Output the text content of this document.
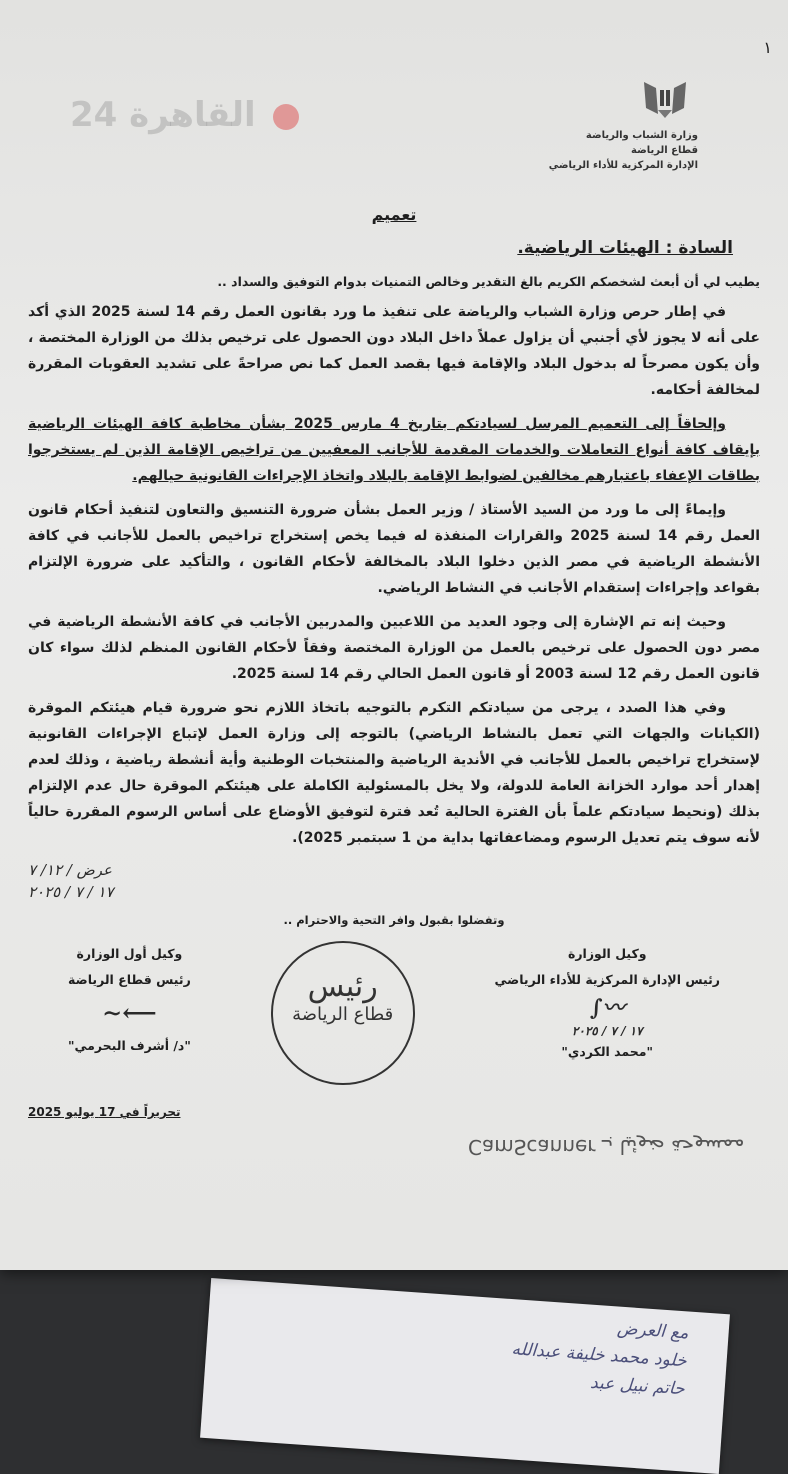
مع العرض
خلود محمد خليفة عبدالله
حاتم نبيل عبد
١
وزارة الشباب والرياضة
قطاع الرياضة
الإدارة المركزية للأداء الرياضي
القاهرة 24
تعميم
السادة : الهيئات الرياضية.
يطيب لي أن أبعث لشخصكم الكريم بالغ التقدير وخالص التمنيات بدوام التوفيق والسداد ..
في إطار حرص وزارة الشباب والرياضة على تنفيذ ما ورد بقانون العمل رقم 14 لسنة 2025 الذي أكد على أنه لا يجوز لأي أجنبي أن يزاول عملاً داخل البلاد دون الحصول على ترخيص بذلك من الوزارة المختصة ، وأن يكون مصرحاً له بدخول البلاد والإقامة فيها بقصد العمل كما نص صراحةً على تشديد العقوبات المقررة لمخالفة أحكامه.
وإلحاقاً إلى التعميم المرسل لسيادتكم بتاريخ 4 مارس 2025 بشأن مخاطبة كافة الهيئات الرياضية بإيقاف كافة أنواع التعاملات والخدمات المقدمة للأجانب المعفيين من تراخيص الإقامة الذين لم يستخرجوا بطاقات الإعفاء باعتبارهم مخالفين لضوابط الإقامة بالبلاد واتخاذ الإجراءات القانونية حيالهم.
وإيماءً إلى ما ورد من السيد الأستاذ / وزير العمل بشأن ضرورة التنسيق والتعاون لتنفيذ أحكام قانون العمل رقم 14 لسنة 2025 والقرارات المنفذة له فيما يخص إستخراج تراخيص بالعمل للأجانب في كافة الأنشطة الرياضية في مصر الذين دخلوا البلاد بالمخالفة لأحكام القانون ، والتأكيد على ضرورة الإلتزام بقواعد وإجراءات إستقدام الأجانب في النشاط الرياضي.
وحيث إنه تم الإشارة إلى وجود العديد من اللاعبين والمدربين الأجانب في كافة الأنشطة الرياضية في مصر دون الحصول على ترخيص بالعمل من الوزارة المختصة وفقاً لأحكام القانون المنظم لذلك سواء كان قانون العمل رقم 12 لسنة 2003 أو قانون العمل الحالي رقم 14 لسنة 2025.
وفي هذا الصدد ، يرجى من سيادتكم التكرم بالتوجيه باتخاذ اللازم نحو ضرورة قيام هيئتكم الموقرة (الكيانات والجهات التي تعمل بالنشاط الرياضي) بالتوجه إلى وزارة العمل لإتباع الإجراءات القانونية لإستخراج تراخيص بالعمل للأجانب في الأندية الرياضية والمنتخبات الوطنية وأية أنشطة رياضية ، وذلك لعدم إهدار أحد موارد الخزانة العامة للدولة، ولا يخل بالمسئولية الكاملة على هيئتكم الموقرة حال عدم الإلتزام بذلك (ونحيط سيادتكم علماً بأن الفترة الحالية تُعد فترة لتوفيق الأوضاع على أساس الرسوم المقررة حالياً لأنه سوف يتم تعديل الرسوم ومضاعفاتها بداية من 1 سبتمبر 2025).
عرض / ١٢/ ٧
١٧ / ٧ / ٢٠٢٥
وتفضلوا بقبول وافر التحية والاحترام ..
وكيل الوزارة
رئيس الإدارة المركزية للأداء الرياضي
〰∫
١٧ / ٧ / ٢٠٢٥
"محمد الكردي"
رئيس
قطاع الرياضة
وكيل أول الوزارة
رئيس قطاع الرياضة
⟵∽
"د/ أشرف البحرمي"
تحريراً في 17 يوليو 2025
ممسوحة ضوئيا بـ CamScanner
